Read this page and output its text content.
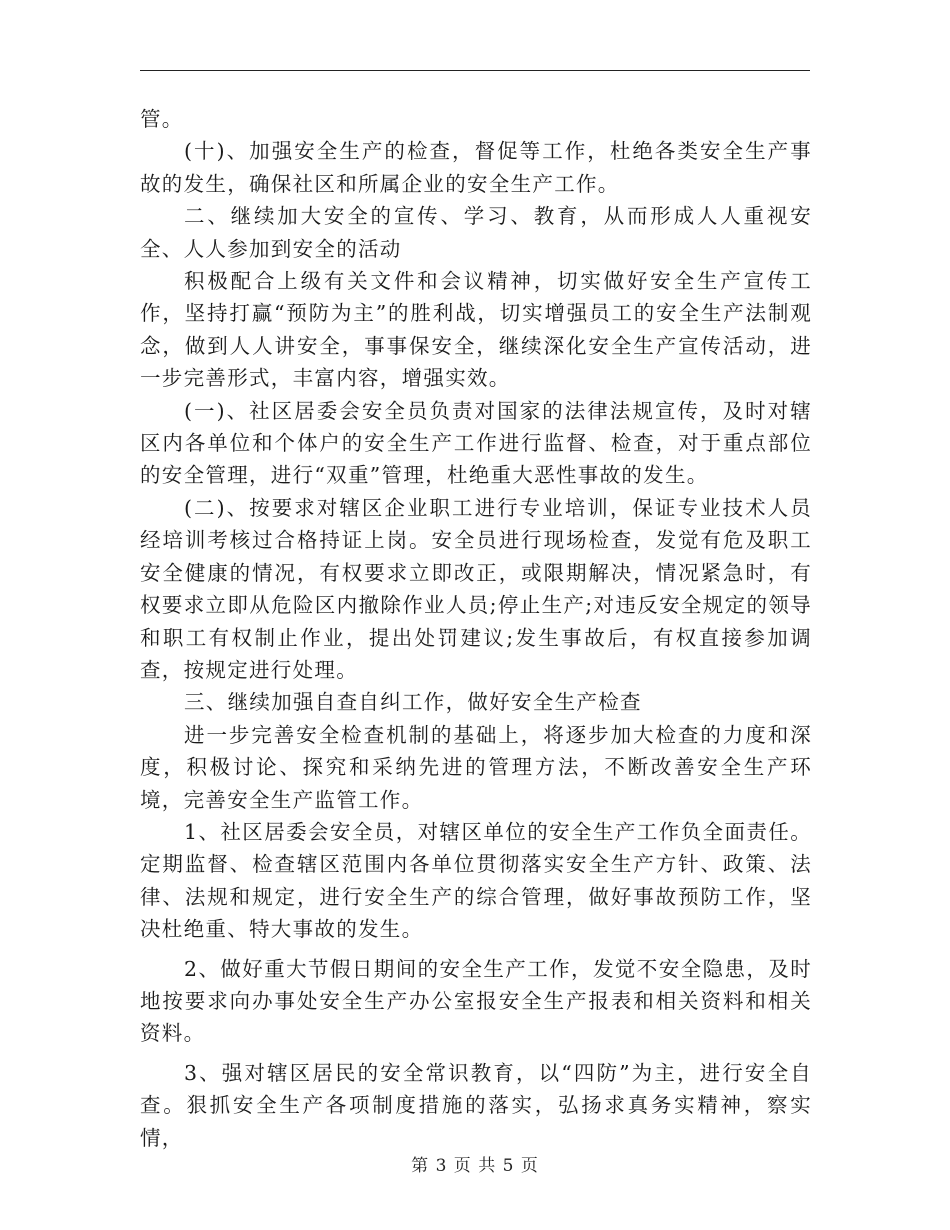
管。

(十)、加强安全生产的检查，督促等工作，杜绝各类安全生产事故的发生，确保社区和所属企业的安全生产工作。

二、继续加大安全的宣传、学习、教育，从而形成人人重视安全、人人参加到安全的活动

积极配合上级有关文件和会议精神，切实做好安全生产宣传工作，坚持打赢“预防为主”的胜利战，切实增强员工的安全生产法制观念，做到人人讲安全，事事保安全，继续深化安全生产宣传活动，进一步完善形式，丰富内容，增强实效。

(一)、社区居委会安全员负责对国家的法律法规宣传，及时对辖区内各单位和个体户的安全生产工作进行监督、检查，对于重点部位的安全管理，进行“双重”管理，杜绝重大恶性事故的发生。

(二)、按要求对辖区企业职工进行专业培训，保证专业技术人员经培训考核过合格持证上岗。安全员进行现场检查，发觉有危及职工安全健康的情况，有权要求立即改正，或限期解决，情况紧急时，有权要求立即从危险区内撤除作业人员;停止生产;对违反安全规定的领导和职工有权制止作业，提出处罚建议;发生事故后，有权直接参加调查，按规定进行处理。

三、继续加强自查自纠工作，做好安全生产检查

进一步完善安全检查机制的基础上，将逐步加大检查的力度和深度，积极讨论、探究和采纳先进的管理方法，不断改善安全生产环境，完善安全生产监管工作。

1、社区居委会安全员，对辖区单位的安全生产工作负全面责任。定期监督、检查辖区范围内各单位贯彻落实安全生产方针、政策、法律、法规和规定，进行安全生产的综合管理，做好事故预防工作，坚决杜绝重、特大事故的发生。

2、做好重大节假日期间的安全生产工作，发觉不安全隐患，及时地按要求向办事处安全生产办公室报安全生产报表和相关资料和相关资料。

3、强对辖区居民的安全常识教育，以“四防”为主，进行安全自查。狠抓安全生产各项制度措施的落实，弘扬求真务实精神，察实情，

第 3 页 共 5 页
